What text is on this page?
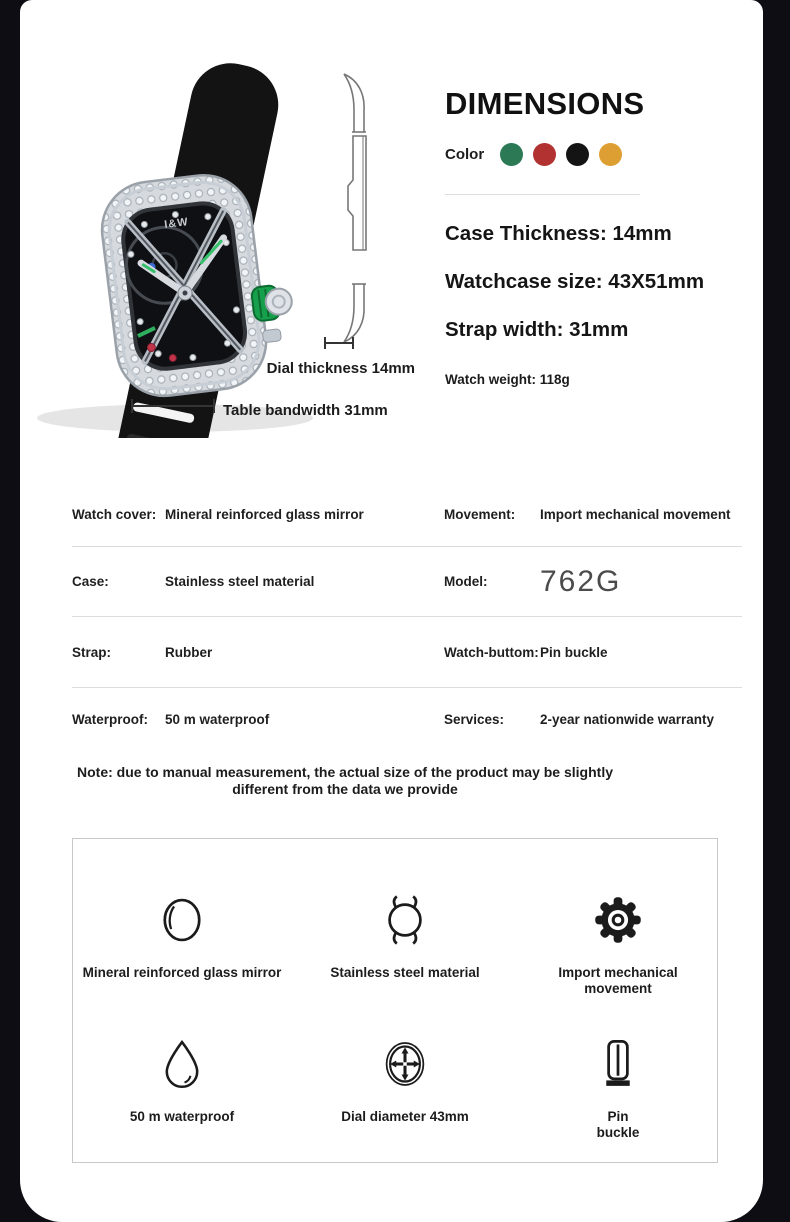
I&W
Dial thickness 14mm
Table bandwidth 31mm
DIMENSIONS
Color
Case Thickness: 14mm
Watchcase size: 43X51mm
Strap width: 31mm
Watch weight: 118g
Watch cover: Mineral reinforced glass mirror	Movement:	Import mechanical movement
Case:	Stainless steel material	Model:	762G
Strap:	Rubber	Watch-buttom: Pin buckle
Waterproof:	50 m waterproof	Services:	2-year nationwide warranty
Note: due to manual measurement, the actual size of the product may be slightly
different from the data we provide
Mineral reinforced glass mirror	Stainless steel material	Import mechanical movement
50 m waterproof	Dial diameter 43mm	Pin buckle
